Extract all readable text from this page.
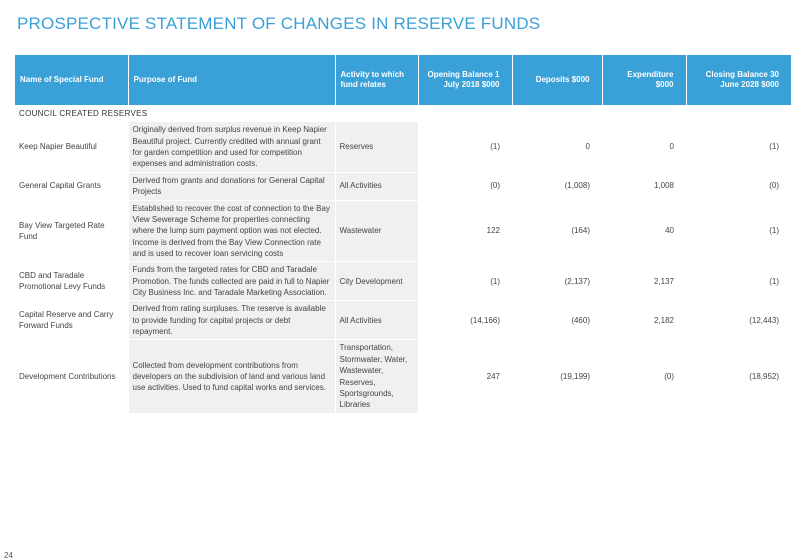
PROSPECTIVE STATEMENT OF CHANGES IN RESERVE FUNDS
Name of Special Fund	Purpose of Fund	Activity to which fund relates	Opening Balance 1 July 2018 $000	Deposits $000	Expenditure $000	Closing Balance 30 June 2028 $000
COUNCIL CREATED RESERVES						
Keep Napier Beautiful	Originally derived from surplus revenue in Keep Napier Beautiful project. Currently credited with annual grant for garden competition and used for competition expenses and administration costs.	Reserves	(1)	0	0	(1)
General Capital Grants	Derived from grants and donations for General Capital Projects	All Activities	(0)	(1,008)	1,008	(0)
Bay View Targeted Rate Fund	Established to recover the cost of connection to the Bay View Sewerage Scheme for properties connecting where the lump sum payment option was not elected. Income is derived from the Bay View Connection rate and is used to recover loan servicing costs	Wastewater	122	(164)	40	(1)
CBD and Taradale Promotional Levy Funds	Funds from the targeted rates for CBD and Taradale Promotion. The funds collected are paid in full to Napier City Business Inc. and Taradale Marketing Association.	City Development	(1)	(2,137)	2,137	(1)
Capital Reserve and Carry Forward Funds	Derived from rating surpluses. The reserve is available to provide funding for capital projects or debt repayment.	All Activities	(14,166)	(460)	2,182	(12,443)
Development Contributions	Collected from development contributions from developers on the subdivision of land and various land use activities. Used to fund capital works and services.	Transportation, Stormwater, Water, Wastewater, Reserves, Sportsgrounds, Libraries	247	(19,199)	(0)	(18,952)
24
